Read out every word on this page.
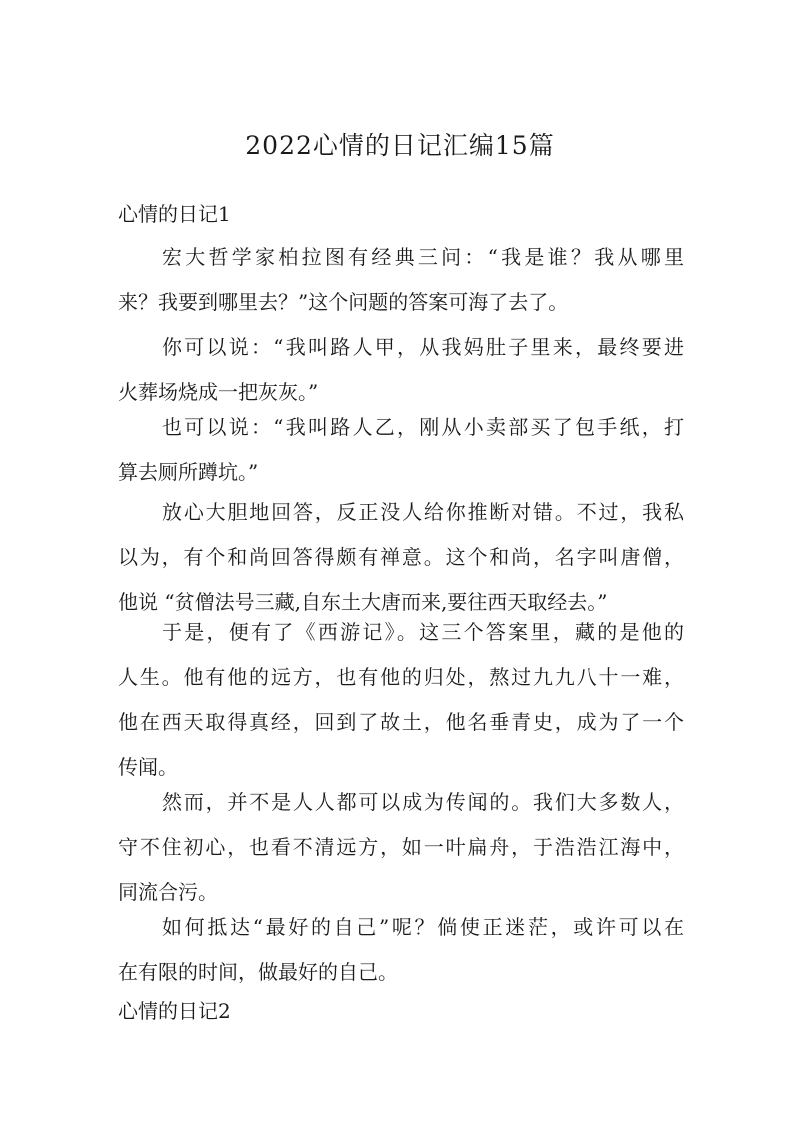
2022心情的日记汇编15篇
心情的日记1
宏大哲学家柏拉图有经典三问：“我是谁？我从哪里
来？我要到哪里去？”这个问题的答案可海了去了。
你可以说：“我叫路人甲，从我妈肚子里来，最终要进
火葬场烧成一把灰灰。”
也可以说：“我叫路人乙，刚从小卖部买了包手纸，打
算去厕所蹲坑。”
放心大胆地回答，反正没人给你推断对错。不过，我私
以为，有个和尚回答得颇有禅意。这个和尚，名字叫唐僧，
他说 “贫僧法号三藏,自东土大唐而来,要往西天取经去。”
于是，便有了《西游记》。这三个答案里，藏的是他的
人生。他有他的远方，也有他的归处，熬过九九八十一难，
他在西天取得真经，回到了故土，他名垂青史，成为了一个
传闻。
然而，并不是人人都可以成为传闻的。我们大多数人，
守不住初心，也看不清远方，如一叶扁舟，于浩浩江海中，
同流合污。
如何抵达“最好的自己”呢？倘使正迷茫，或许可以在
在有限的时间，做最好的自己。
心情的日记2
